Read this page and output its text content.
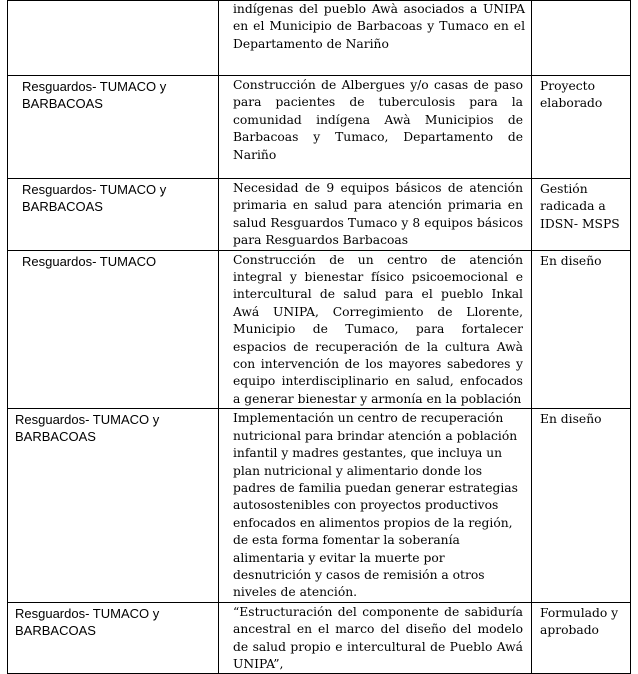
	indígenas del pueblo Awà asociados a UNIPA en el Municipio de Barbacoas y Tumaco en el Departamento de Nariño	

Resguardos- TUMACO y BARBACOAS	Construcción de Albergues y/o casas de paso para pacientes de tuberculosis para la comunidad indígena Awà Municipios de Barbacoas y Tumaco, Departamento de Nariño	Proyecto elaborado

Resguardos- TUMACO y BARBACOAS	Necesidad de 9 equipos básicos de atención primaria en salud para atención primaria en salud Resguardos Tumaco y 8 equipos básicos para Resguardos Barbacoas	Gestión radicada a IDSN- MSPS

Resguardos- TUMACO	Construcción de un centro de atención integral y bienestar físico psicoemocional e intercultural de salud para el pueblo Inkal Awá UNIPA, Corregimiento de Llorente, Municipio de Tumaco, para fortalecer espacios de recuperación de la cultura Awà con intervención de los mayores sabedores y equipo interdisciplinario en salud, enfocados a generar bienestar y armonía en la población	En diseño

Resguardos- TUMACO y BARBACOAS	Implementación un centro de recuperación nutricional para brindar atención a población infantil y madres gestantes, que incluya un plan nutricional y alimentario donde los padres de familia puedan generar estrategias autosostenibles con proyectos productivos enfocados en alimentos propios de la región, de esta forma fomentar la soberanía alimentaria y evitar la muerte por desnutrición y casos de remisión a otros niveles de atención.	En diseño

Resguardos- TUMACO y BARBACOAS	“Estructuración del componente de sabiduría ancestral en el marco del diseño del modelo de salud propio e intercultural de Pueblo Awá UNIPA”,	Formulado y aprobado
